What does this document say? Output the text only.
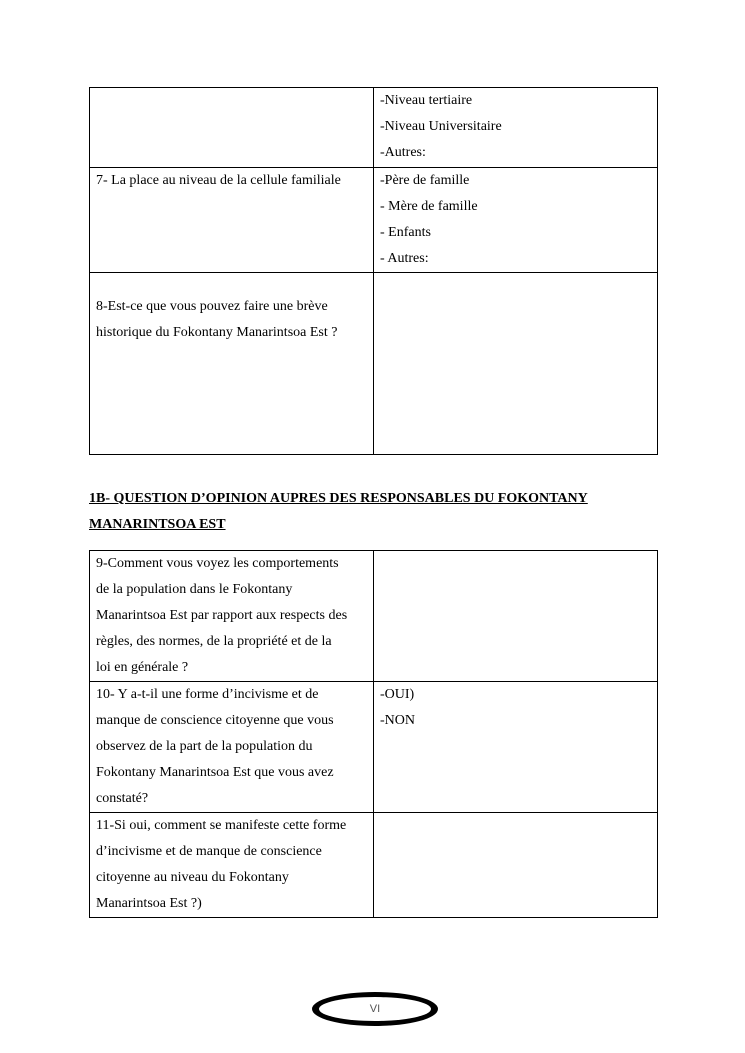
	-Niveau tertiaire
-Niveau Universitaire
-Autres:

7- La place au niveau de la cellule familiale	-Père de famille
- Mère de famille
- Enfants
- Autres:

8-Est-ce que vous pouvez faire une brève
historique du Fokontany Manarintsoa Est ?	

1B- QUESTION D’OPINION AUPRES DES RESPONSABLES DU FOKONTANY MANARINTSOA EST
9-Comment vous voyez les comportements
de la population dans le Fokontany
Manarintsoa Est par rapport aux respects des
règles, des normes, de la propriété et de la
loi en générale ?	

10- Y a-t-il une forme d’incivisme et de
manque de conscience citoyenne que vous
observez de la part de la population du
Fokontany Manarintsoa Est que vous avez
constaté?	-OUI)
-NON

11-Si oui, comment se manifeste cette forme
d’incivisme et de manque de conscience
citoyenne au niveau du Fokontany
Manarintsoa Est ?)	

VI
